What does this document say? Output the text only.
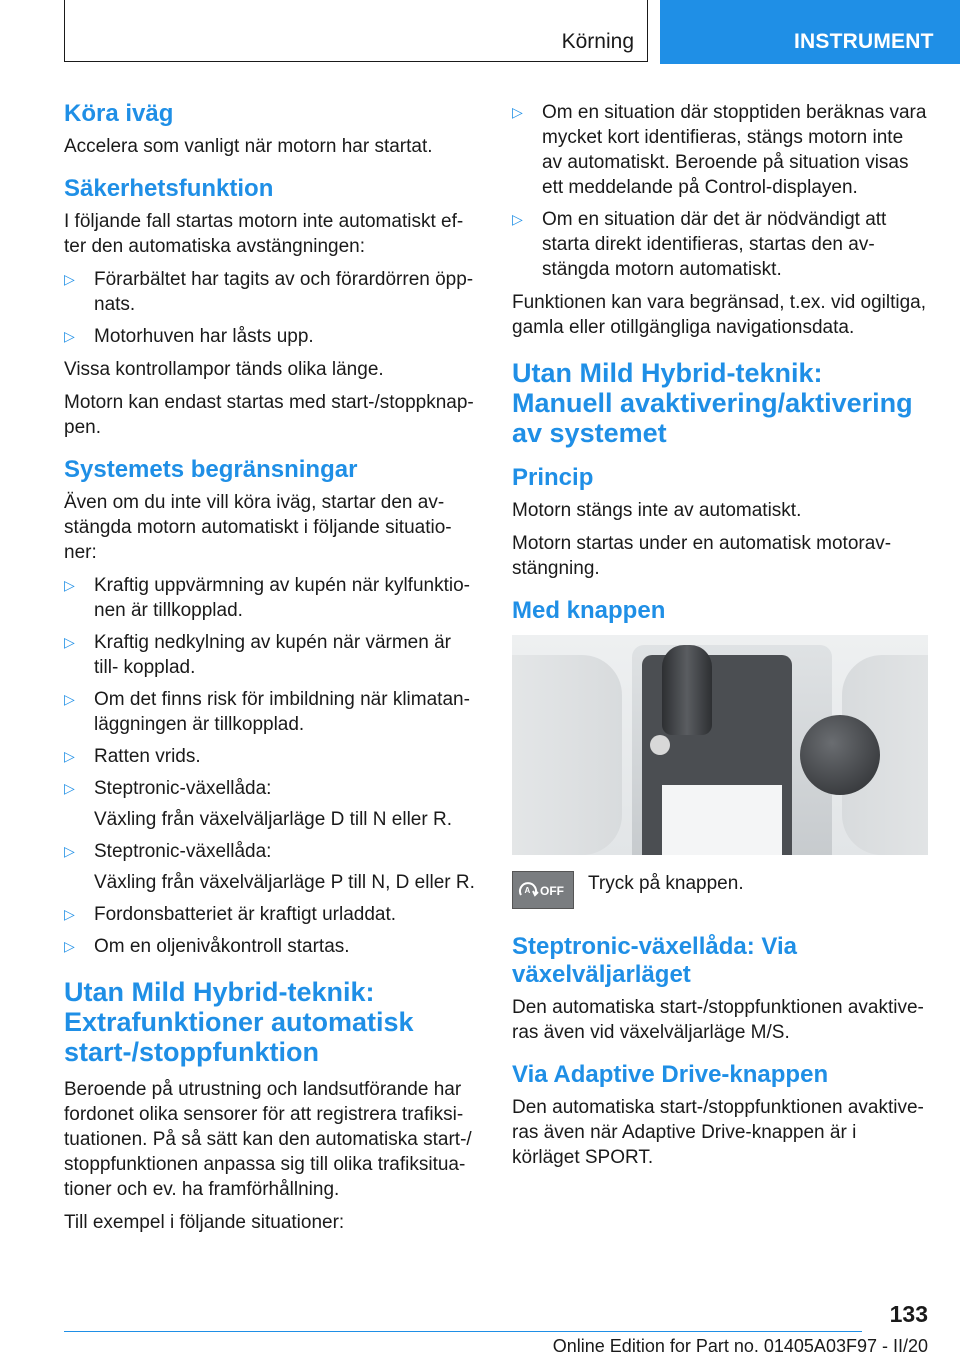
Körning	INSTRUMENT
Köra iväg

Accelera som vanligt när motorn har startat.

Säkerhetsfunktion

I följande fall startas motorn inte automatiskt ef- ter den automatiska avstängningen:

▷ Förarbältet har tagits av och förardörren öpp- nats.
▷ Motorhuven har låsts upp.

Vissa kontrollampor tänds olika länge.

Motorn kan endast startas med start-/stoppknap- pen.

Systemets begränsningar

Även om du inte vill köra iväg, startar den av- stängda motorn automatiskt i följande situatio- ner:

▷ Kraftig uppvärmning av kupén när kylfunktio- nen är tillkopplad.
▷ Kraftig nedkylning av kupén när värmen är till- kopplad.
▷ Om det finns risk för imbildning när klimatan- läggningen är tillkopplad.
▷ Ratten vrids.
▷ Steptronic-växellåda:
Växling från växelväljarläge D till N eller R.
▷ Steptronic-växellåda:
Växling från växelväljarläge P till N, D eller R.
▷ Fordonsbatteriet är kraftigt urladdat.
▷ Om en oljenivåkontroll startas.
Utan Mild Hybrid-teknik: Extrafunktioner automatisk start-/stoppfunktion

Beroende på utrustning och landsutförande har fordonet olika sensorer för att registrera trafiksi- tuationen. På så sätt kan den automatiska start-/ stoppfunktionen anpassa sig till olika trafiksitua- tioner och ev. ha framförhållning.

Till exempel i följande situationer:

▷ Om en situation där stopptiden beräknas vara mycket kort identifieras, stängs motorn inte av automatiskt. Beroende på situation visas ett meddelande på Control-displayen.
▷ Om en situation där det är nödvändigt att starta direkt identifieras, startas den av- stängda motorn automatiskt.

Funktionen kan vara begränsad, t.ex. vid ogiltiga, gamla eller otillgängliga navigationsdata.

Utan Mild Hybrid-teknik: Manuell avaktivering/aktivering av systemet
Princip

Motorn stängs inte av automatiskt.

Motorn startas under en automatisk motorav- stängning.

Med knappen
A OFF Tryck på knappen.

Steptronic-växellåda: Via växelväljarläget

Den automatiska start-/stoppfunktionen avaktive- ras även vid växelväljarläge M/S.

Via Adaptive Drive-knappen

Den automatiska start-/stoppfunktionen avaktive- ras även när Adaptive Drive-knappen är i körläget SPORT.

133
Online Edition for Part no. 01405A03F97 - II/20
